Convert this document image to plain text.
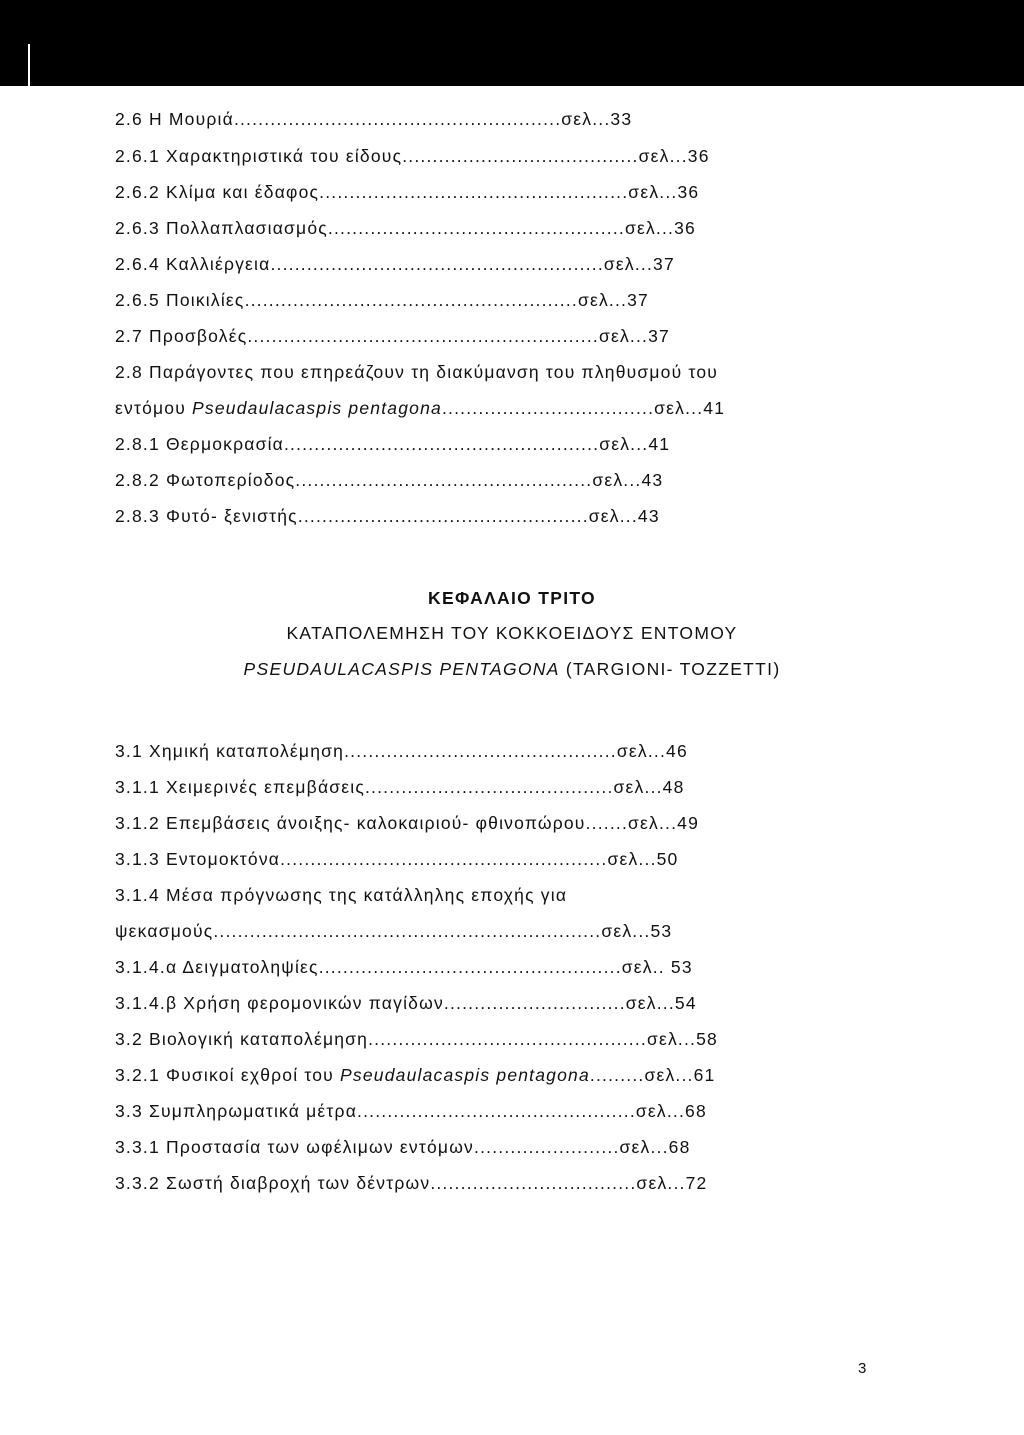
2.6 Η Μουριά......................................................σελ...33
2.6.1 Χαρακτηριστικά του είδους.......................................σελ...36
2.6.2 Κλίμα και έδαφος...................................................σελ...36
2.6.3 Πολλαπλασιασμός.................................................σελ...36
2.6.4 Καλλιέργεια.......................................................σελ...37
2.6.5 Ποικιλίες.......................................................σελ...37
2.7 Προσβολές..........................................................σελ...37
2.8 Παράγοντες που επηρεάζουν τη διακύμανση του πληθυσμού του
εντόμου Pseudaulacaspis pentagona...................................σελ...41
2.8.1 Θερμοκρασία....................................................σελ...41
2.8.2 Φωτοπερίοδος.................................................σελ...43
2.8.3 Φυτό- ξενιστής................................................σελ...43
ΚΕΦΑΛΑΙΟ ΤΡΙΤΟ
ΚΑΤΑΠΟΛΕΜΗΣΗ ΤΟΥ ΚΟΚΚΟΕΙΔΟΥΣ ΕΝΤΟΜΟΥ
PSEUDAULACASPIS PENTAGONA (TARGIONI- TOZZETTI)
3.1 Χημική καταπολέμηση.............................................σελ...46
3.1.1 Χειμερινές επεμβάσεις.........................................σελ...48
3.1.2 Επεμβάσεις άνοιξης- καλοκαιριού- φθινοπώρου.......σελ...49
3.1.3 Εντομοκτόνα......................................................σελ...50
3.1.4 Μέσα πρόγνωσης της κατάλληλης εποχής για
ψεκασμούς................................................................σελ...53
3.1.4.α Δειγματοληψίες..................................................σελ.. 53
3.1.4.β Χρήση φερομονικών παγίδων..............................σελ...54
3.2 Βιολογική καταπολέμηση..............................................σελ...58
3.2.1 Φυσικοί εχθροί του Pseudaulacaspis pentagona.........σελ...61
3.3 Συμπληρωματικά μέτρα..............................................σελ...68
3.3.1 Προστασία των ωφέλιμων εντόμων........................σελ...68
3.3.2 Σωστή διαβροχή των δέντρων..................................σελ...72
3
